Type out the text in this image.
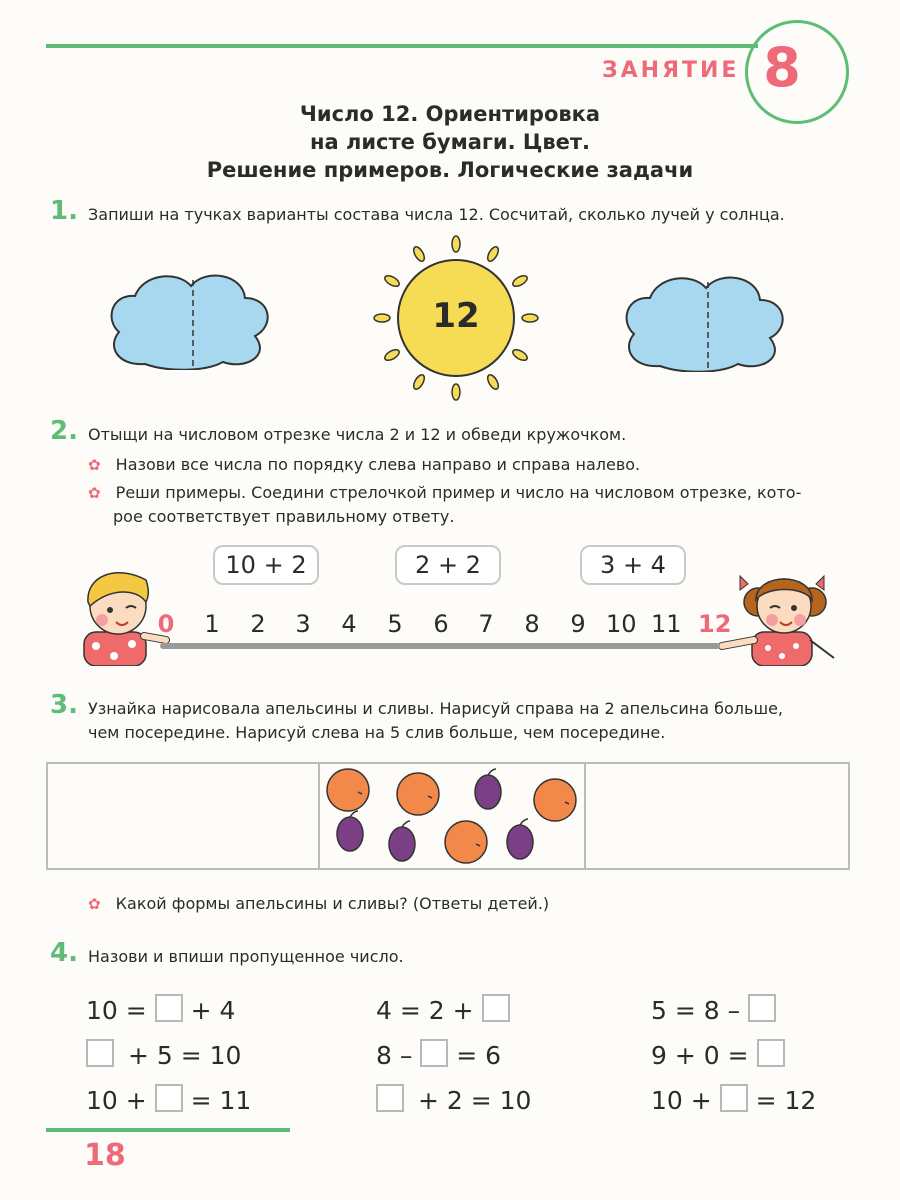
ЗАНЯТИЕ 8
Число 12. Ориентировка
на листе бумаги. Цвет.
Решение примеров. Логические задачи
1. Запиши на тучках варианты состава числа 12. Сосчитай, сколько лучей у солнца.
12
2. Отыщи на числовом отрезке числа 2 и 12 и обведи кружочком.
✿ Назови все числа по порядку слева направо и справа налево.
✿ Реши примеры. Соедини стрелочкой пример и число на числовом отрезке, кото-
рое соответствует правильному ответу.
10 + 2	2 + 2	3 + 4
0	1	2	3	4	5	6	7	8	9 10 11 12
3. Узнайка нарисовала апельсины и сливы. Нарисуй справа на 2 апельсина больше,
чем посередине. Нарисуй слева на 5 слив больше, чем посередине.
✿ Какой формы апельсины и сливы? (Ответы детей.)
4. Назови и впиши пропущенное число.
10 = + 4
+ 5 = 10
10 + = 11
4 = 2 +
8 – = 6
+ 2 = 10
5 = 8 –
9 + 0 =
10 + = 12
18
